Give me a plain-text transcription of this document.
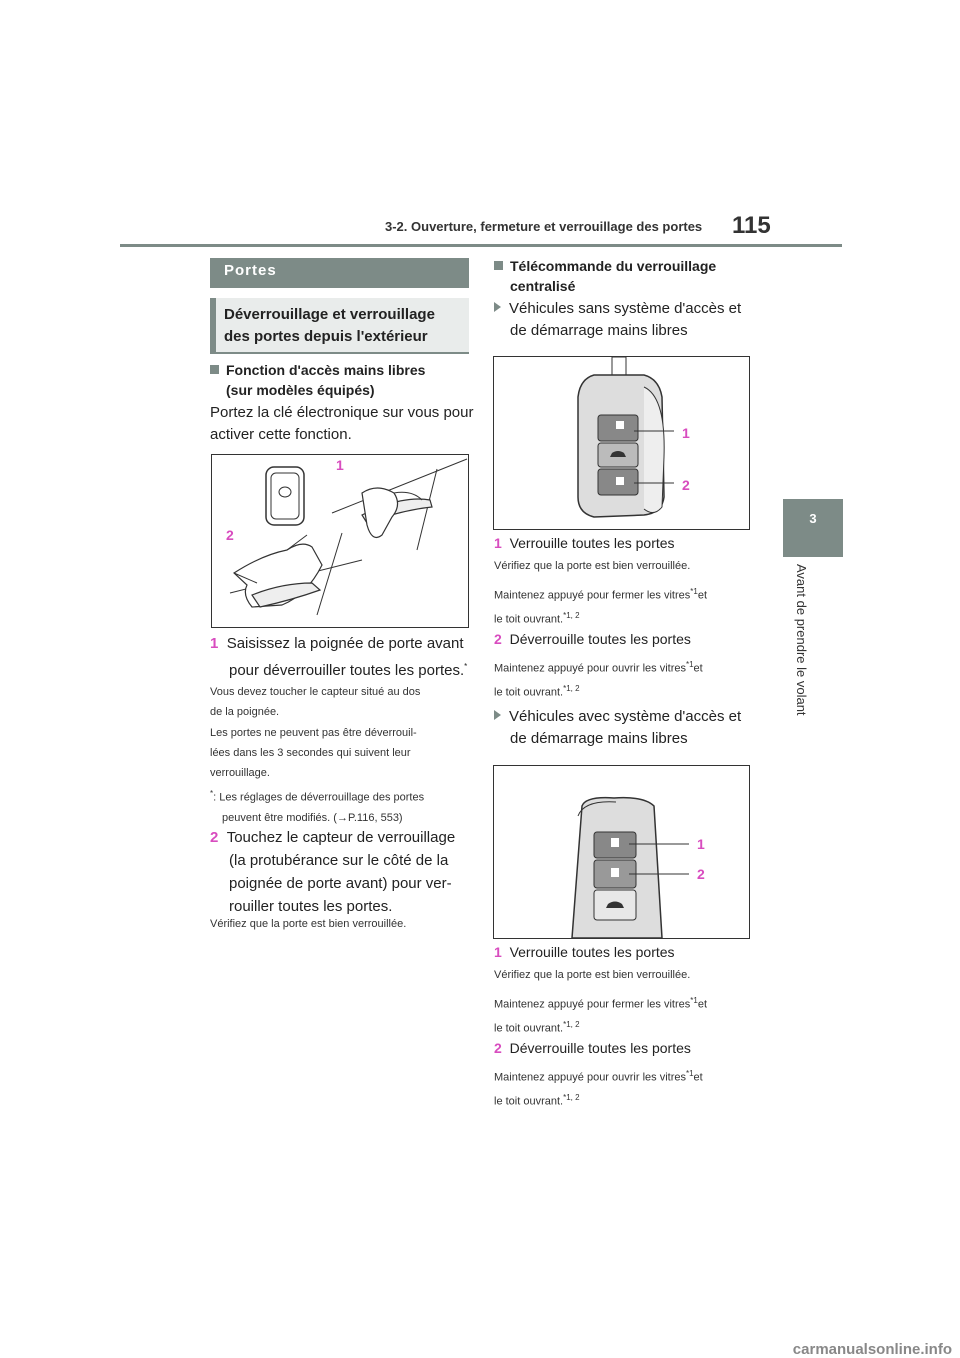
3-2. Ouverture, fermeture et verrouillage des portes 115
3
Avant de prendre le volant
Portes
Déverrouillage et verrouillage
des portes depuis l'extérieur
Fonction d'accès mains libres
(sur modèles équipés)
Portez la clé électronique sur vous pour
activer cette fonction.
1
2
1 Saisissez la poignée de porte avant
pour déverrouiller toutes les portes.*
Vous devez toucher le capteur situé au dos
de la poignée.
Les portes ne peuvent pas être déverrouil-
lées dans les 3 secondes qui suivent leur
verrouillage.
*: Les réglages de déverrouillage des portes
peuvent être modifiés. (→P.116, 553)
2 Touchez le capteur de verrouillage
(la protubérance sur le côté de la
poignée de porte avant) pour ver-
rouiller toutes les portes.
Vérifiez que la porte est bien verrouillée.
Télécommande du verrouillage
centralisé
Véhicules sans système d'accès et
de démarrage mains libres
1
2
1 Verrouille toutes les portes
Vérifiez que la porte est bien verrouillée.
Maintenez appuyé pour fermer les vitres$^{*1}$et
le toit ouvrant.$^{*1, 2}$
2 Déverrouille toutes les portes
Maintenez appuyé pour ouvrir les vitres$^{*1}$et
le toit ouvrant.$^{*1, 2}$
Véhicules avec système d'accès et
de démarrage mains libres
1
2
1 Verrouille toutes les portes
Vérifiez que la porte est bien verrouillée.
Maintenez appuyé pour fermer les vitres$^{*1}$et
le toit ouvrant.$^{*1, 2}$
2 Déverrouille toutes les portes
Maintenez appuyé pour ouvrir les vitres$^{*1}$et
le toit ouvrant.$^{*1, 2}$
carmanualsonline.info
